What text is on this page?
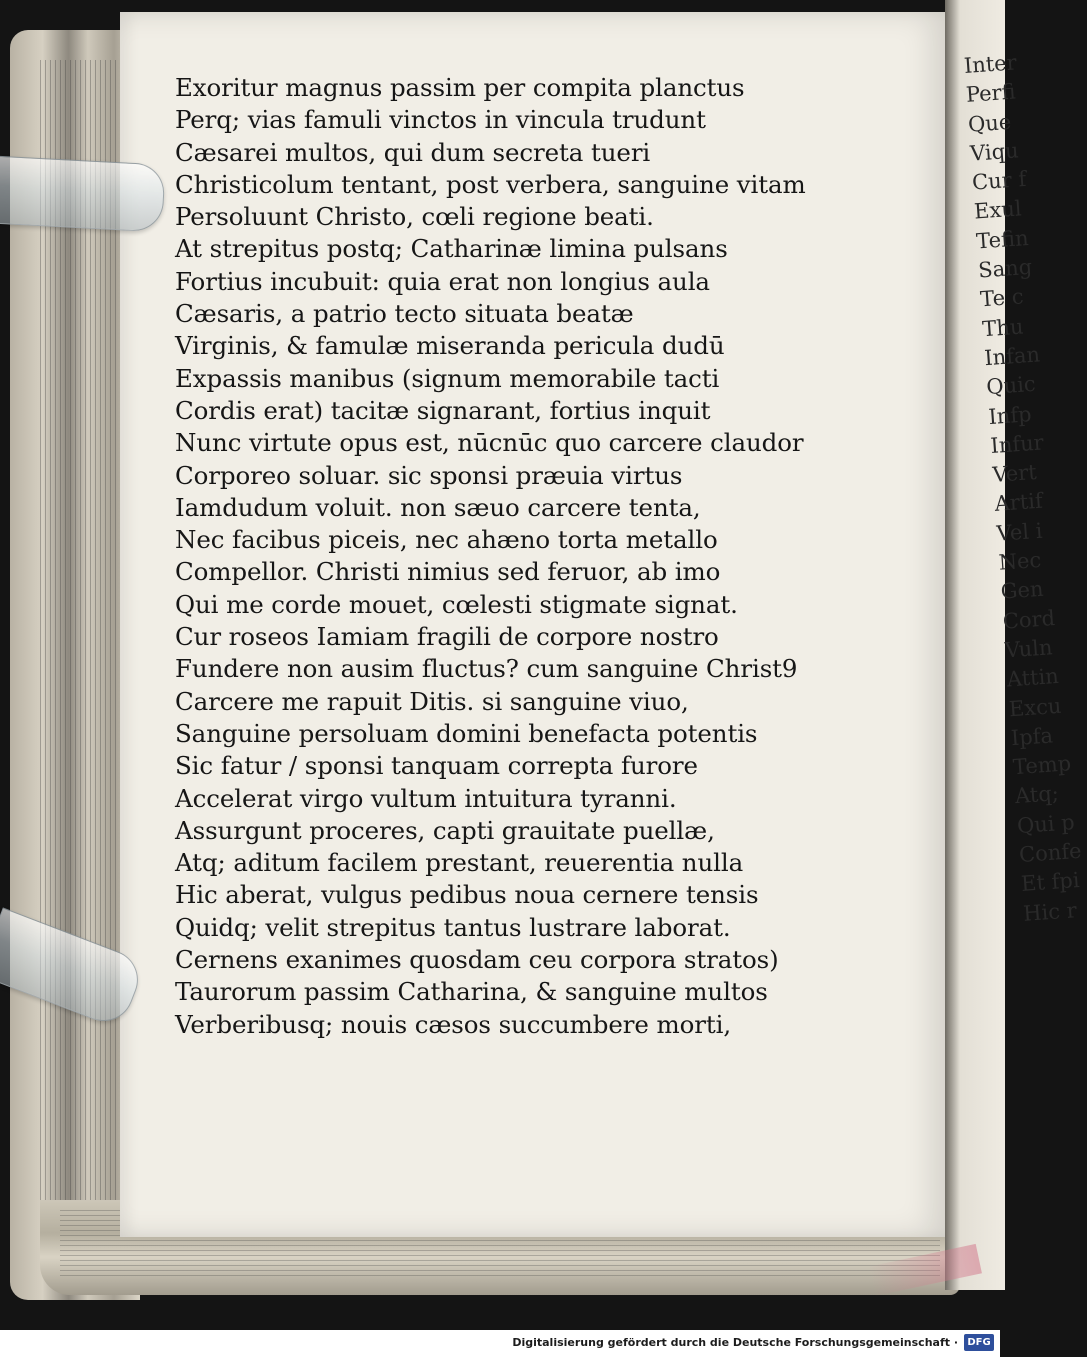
Inter
Perfi
Que
Viqu
Cur f
Exul
Tefin
Sang
Te c
Thu
Infan
Quic
Infp
Infur
Vert
Artif
Vel i
Nec
Gen
Cord
Vuln
Attin
Excu
Ipfa
Temp
Atq;
Qui p
Confe
Et fpi
Hic r
Exoritur magnus passim per compita planctus
Perq; vias famuli vinctos in vincula trudunt
Cæsarei multos, qui dum secreta tueri
Christicolum tentant, post verbera, sanguine vitam
Persoluunt Christo, cœli regione beati.
At strepitus postq; Catharinæ limina pulsans
Fortius incubuit: quia erat non longius aula
Cæsaris, a patrio tecto situata beatæ
Virginis, & famulæ miseranda pericula dudū
Expassis manibus (signum memorabile tacti
Cordis erat) tacitæ signarant, fortius inquit
Nunc virtute opus est, nūcnūc quo carcere claudor
Corporeo soluar. sic sponsi præuia virtus
Iamdudum voluit. non sæuo carcere tenta,
Nec facibus piceis, nec ahæno torta metallo
Compellor. Christi nimius sed feruor, ab imo
Qui me corde mouet, cœlesti stigmate signat.
Cur roseos Iamiam fragili de corpore nostro
Fundere non ausim fluctus? cum sanguine Christ9
Carcere me rapuit Ditis. si sanguine viuo,
Sanguine persoluam domini benefacta potentis
Sic fatur / sponsi tanquam correpta furore
Accelerat virgo vultum intuitura tyranni.
Assurgunt proceres, capti grauitate puellæ,
Atq; aditum facilem prestant, reuerentia nulla
Hic aberat, vulgus pedibus noua cernere tensis
Quidq; velit strepitus tantus lustrare laborat.
Cernens exanimes quosdam ceu corpora stratos)
Taurorum passim Catharina, & sanguine multos
Verberibusq; nouis cæsos succumbere morti,
Digitalisierung gefördert durch die Deutsche Forschungsgemeinschaft · DFG
